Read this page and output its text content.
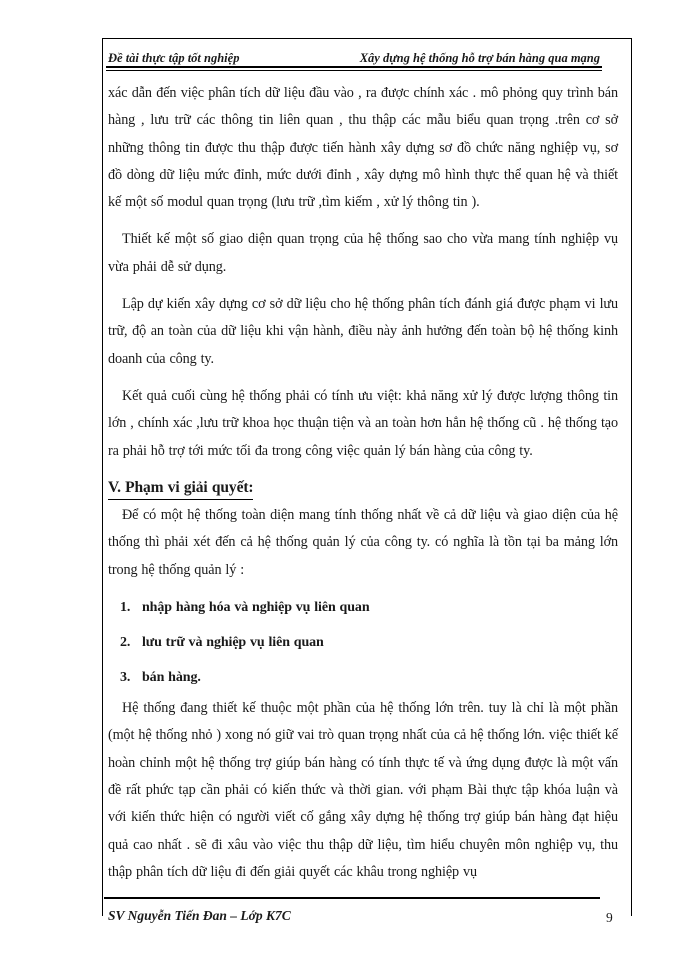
Đề tài thực tập tốt nghiệp	Xây dựng hệ thống hỗ trợ bán hàng qua mạng

xác dẫn đến việc phân tích dữ liệu đầu vào , ra được chính xác . mô phỏng quy trình bán hàng , lưu trữ các thông tin liên quan , thu thập các mẫu biểu quan trọng .trên cơ sở những thông tin được thu thập được tiến hành xây dựng sơ đồ chức năng nghiệp vụ, sơ đồ dòng dữ liệu mức đỉnh, mức dưới đỉnh , xây dựng mô hình thực thể quan hệ và thiết kế một số modul quan trọng (lưu trữ ,tìm kiếm , xử lý thông tin ).

Thiết kế một số giao diện quan trọng của hệ thống sao cho vừa mang tính nghiệp vụ vừa phải dễ sử dụng.

Lập dự kiến xây dựng cơ sở dữ liệu cho hệ thống phân tích đánh giá được phạm vi lưu trữ, độ an toàn của dữ liệu khi vận hành, điều này ảnh hưởng đến toàn bộ hệ thống kinh doanh của công ty.

Kết quả cuối cùng hệ thống phải có tính ưu việt: khả năng xử lý được lượng thông tin lớn , chính xác ,lưu trữ khoa học thuận tiện và an toàn hơn hẳn hệ thống cũ . hệ thống tạo ra phải hỗ trợ tới mức tối đa trong công việc quản lý bán hàng của công ty.

V. Phạm vi giải quyết:

Để có một hệ thống toàn diện mang tính thống nhất về cả dữ liệu và giao diện của hệ thống thì phải xét đến cả hệ thống quản lý của công ty. có nghĩa là tồn tại ba mảng lớn trong hệ thống quản lý :

1. nhập hàng hóa và nghiệp vụ liên quan
2. lưu trữ và nghiệp vụ liên quan
3. bán hàng.

Hệ thống đang thiết kế thuộc một phần của hệ thống lớn trên. tuy là chỉ là một phần (một hệ thống nhỏ ) xong nó giữ vai trò quan trọng nhất của cả hệ thống lớn. việc thiết kế hoàn chỉnh một hệ thống trợ giúp bán hàng có tính thực tế và ứng dụng được là một vấn đề rất phức tạp cần phải có kiến thức và thời gian. với phạm Bài thực tập khóa luận và với kiến thức hiện có người viết cố gắng xây dựng hệ thống trợ giúp bán hàng đạt hiệu quả cao nhất . sẽ đi xâu vào việc thu thập dữ liệu, tìm hiểu chuyên môn nghiệp vụ, thu thập phân tích dữ liệu đi đến giải quyết các khâu trong nghiệp vụ

SV Nguyễn Tiến Đan – Lớp K7C	9
